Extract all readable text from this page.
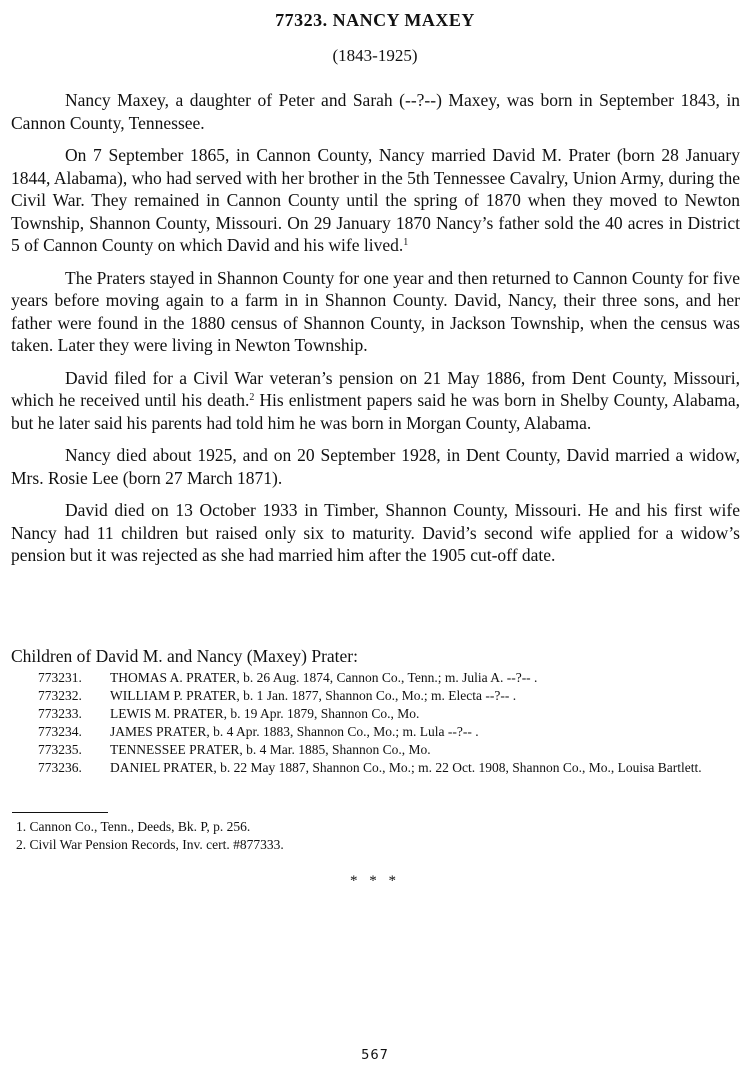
77323. NANCY MAXEY
(1843-1925)

Nancy Maxey, a daughter of Peter and Sarah (--?--) Maxey, was born in September 1843, in Cannon County, Tennessee.

On 7 September 1865, in Cannon County, Nancy married David M. Prater (born 28 January 1844, Alabama), who had served with her brother in the 5th Tennessee Cavalry, Union Army, during the Civil War. They remained in Cannon County until the spring of 1870 when they moved to Newton Township, Shannon County, Missouri. On 29 January 1870 Nancy’s father sold the 40 acres in District 5 of Cannon County on which David and his wife lived.$^1$

The Praters stayed in Shannon County for one year and then returned to Cannon County for five years before moving again to a farm in in Shannon County. David, Nancy, their three sons, and her father were found in the 1880 census of Shannon County, in Jackson Township, when the census was taken. Later they were living in Newton Township.

David filed for a Civil War veteran’s pension on 21 May 1886, from Dent County, Missouri, which he received until his death.$^2$ His enlistment papers said he was born in Shelby County, Alabama, but he later said his parents had told him he was born in Morgan County, Alabama.

Nancy died about 1925, and on 20 September 1928, in Dent County, David married a widow, Mrs. Rosie Lee (born 27 March 1871).

David died on 13 October 1933 in Timber, Shannon County, Missouri. He and his first wife Nancy had 11 children but raised only six to maturity. David’s second wife applied for a widow’s pension but it was rejected as she had married him after the 1905 cut-off date.

Children of David M. and Nancy (Maxey) Prater:
773231.	THOMAS A. PRATER, b. 26 Aug. 1874, Cannon Co., Tenn.; m. Julia A. --?-- .
773232.	WILLIAM P. PRATER, b. 1 Jan. 1877, Shannon Co., Mo.; m. Electa --?-- .
773233.	LEWIS M. PRATER, b. 19 Apr. 1879, Shannon Co., Mo.
773234.	JAMES PRATER, b. 4 Apr. 1883, Shannon Co., Mo.; m. Lula --?-- .
773235.	TENNESSEE PRATER, b. 4 Mar. 1885, Shannon Co., Mo.
773236.	DANIEL PRATER, b. 22 May 1887, Shannon Co., Mo.; m. 22 Oct. 1908, Shannon Co., Mo., Louisa Bartlett.
1. Cannon Co., Tenn., Deeds, Bk. P, p. 256.
2. Civil War Pension Records, Inv. cert. #877333.
* * *
567
